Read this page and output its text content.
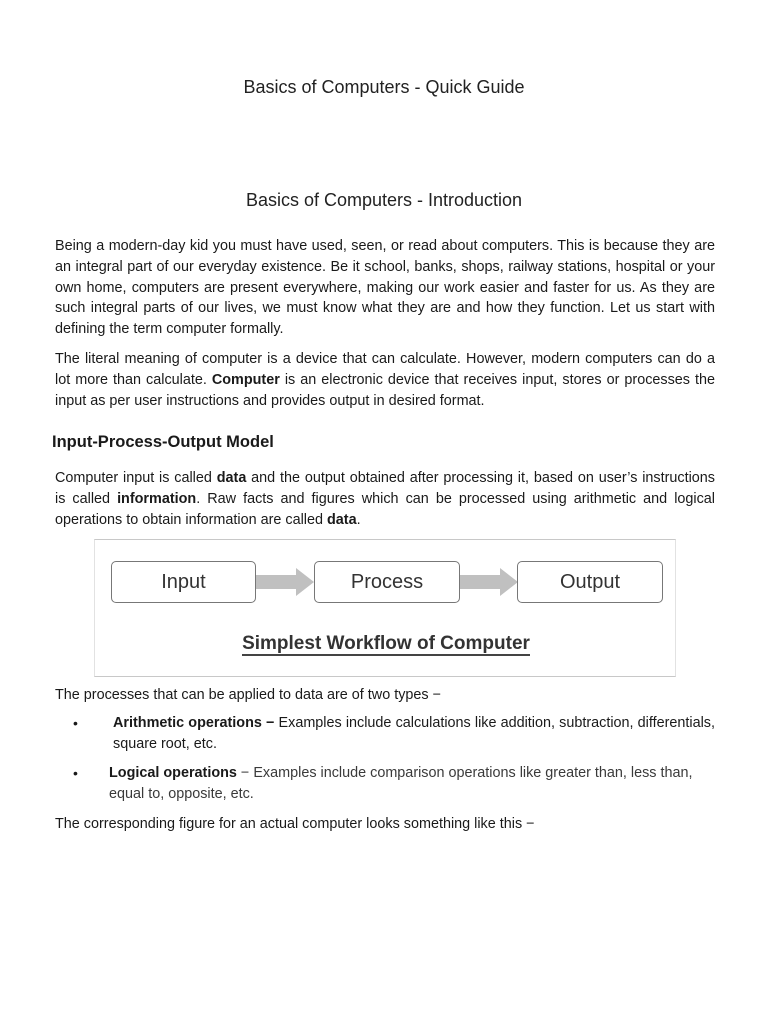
Basics of Computers - Quick Guide
Basics of Computers - Introduction

Being a modern-day kid you must have used, seen, or read about computers. This is because they are an integral part of our everyday existence. Be it school, banks, shops, railway stations, hospital or your own home, computers are present everywhere, making our work easier and faster for us. As they are such integral parts of our lives, we must know what they are and how they function. Let us start with defining the term computer formally.

The literal meaning of computer is a device that can calculate. However, modern computers can do a lot more than calculate. Computer is an electronic device that receives input, stores or processes the input as per user instructions and provides output in desired format.

Input-Process-Output Model

Computer input is called data and the output obtained after processing it, based on user’s instructions is called information. Raw facts and figures which can be processed using arithmetic and logical operations to obtain information are called data.

Input	Process	Output
Simplest Workflow of Computer

The processes that can be applied to data are of two types −

• Arithmetic operations − Examples include calculations like addition, subtraction, differentials, square root, etc.
• Logical operations − Examples include comparison operations like greater than, less than, equal to, opposite, etc.

The corresponding figure for an actual computer looks something like this −
